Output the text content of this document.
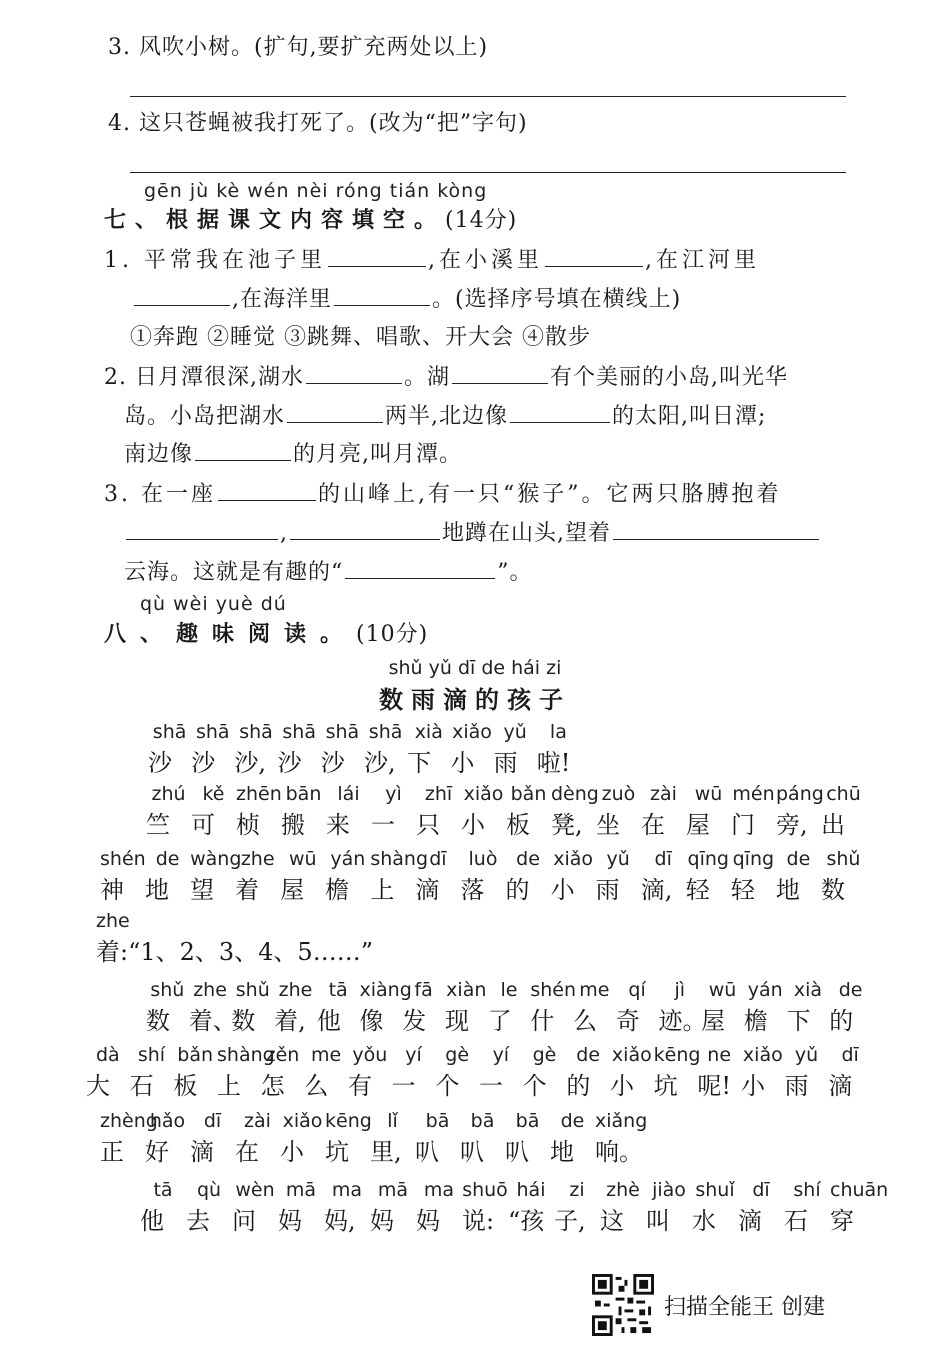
3. 风吹小树。(扩句,要扩充两处以上)
4. 这只苍蝇被我打死了。(改为“把”字句)
gēn jù kè wén nèi róng tián kòng
七、根据课文内容填空。(14分)
1. 平常我在池子里	,在小溪里	,在江河里
,在海洋里	。(选择序号填在横线上)
①奔跑 ②睡觉 ③跳舞、唱歌、开大会 ④散步
2. 日月潭很深,湖水	。湖	有个美丽的小岛,叫光华
岛。小岛把湖水	两半,北边像	的太阳,叫日潭;
南边像	的月亮,叫月潭。
3. 在一座	的山峰上,有一只“猴子”。它两只胳膊抱着
,	地蹲在山头,望着
云海。这就是有趣的“	”。
qù wèi yuè dú
八、趣味阅读。(10分)
shǔ yǔ dī de hái zi
数雨滴的孩子
shā
沙
shā
沙
shā
沙,
shā
沙
shā
沙
shā
沙,
xià
下
xiǎo
小
yǔ
雨
la
啦!
zhú
竺
kě
可
zhēn
桢
bān
搬
lái
来
yì
一
zhī
只
xiǎo
小
bǎn
板
dèng
凳,
zuò
坐
zài
在
wū
屋
mén
门
páng
旁,
chū
出
shén
神
de
地
wàng
望
zhe
着
wū
屋
yán
檐
shàng
上
dī
滴
luò
落
de
的
xiǎo
小
yǔ
雨
dī
滴,
qīng
轻
qīng
轻
de
地
shǔ
数
zhe
着:“1、2、3、4、5……”
shǔ
数
zhe
着、
shǔ
数
zhe
着,
tā
他
xiàng
像
fā
发
xiàn
现
le
了
shén
什
me
么
qí
奇
jì
迹。
wū
屋
yán
檐
xià
下
de
的
dà
大
shí
石
bǎn
板
shàng
上
zěn
怎
me
么
yǒu
有
yí
一
gè
个
yí
一
gè
个
de
的
xiǎo
小
kēng
坑
ne
呢!
xiǎo
小
yǔ
雨
dī
滴
zhèng
正
hǎo
好
dī
滴
zài
在
xiǎo
小
kēng
坑
lǐ
里,
bā
叭
bā
叭
bā
叭
de
地
xiǎng
响。
tā
他
qù
去
wèn
问
mā
妈
ma
妈,
mā
妈
ma
妈
shuō
说:
hái
“孩
zi
子,
zhè
这
jiào
叫
shuǐ
水
dī
滴
shí
石
chuān
穿
扫描全能王 创建
